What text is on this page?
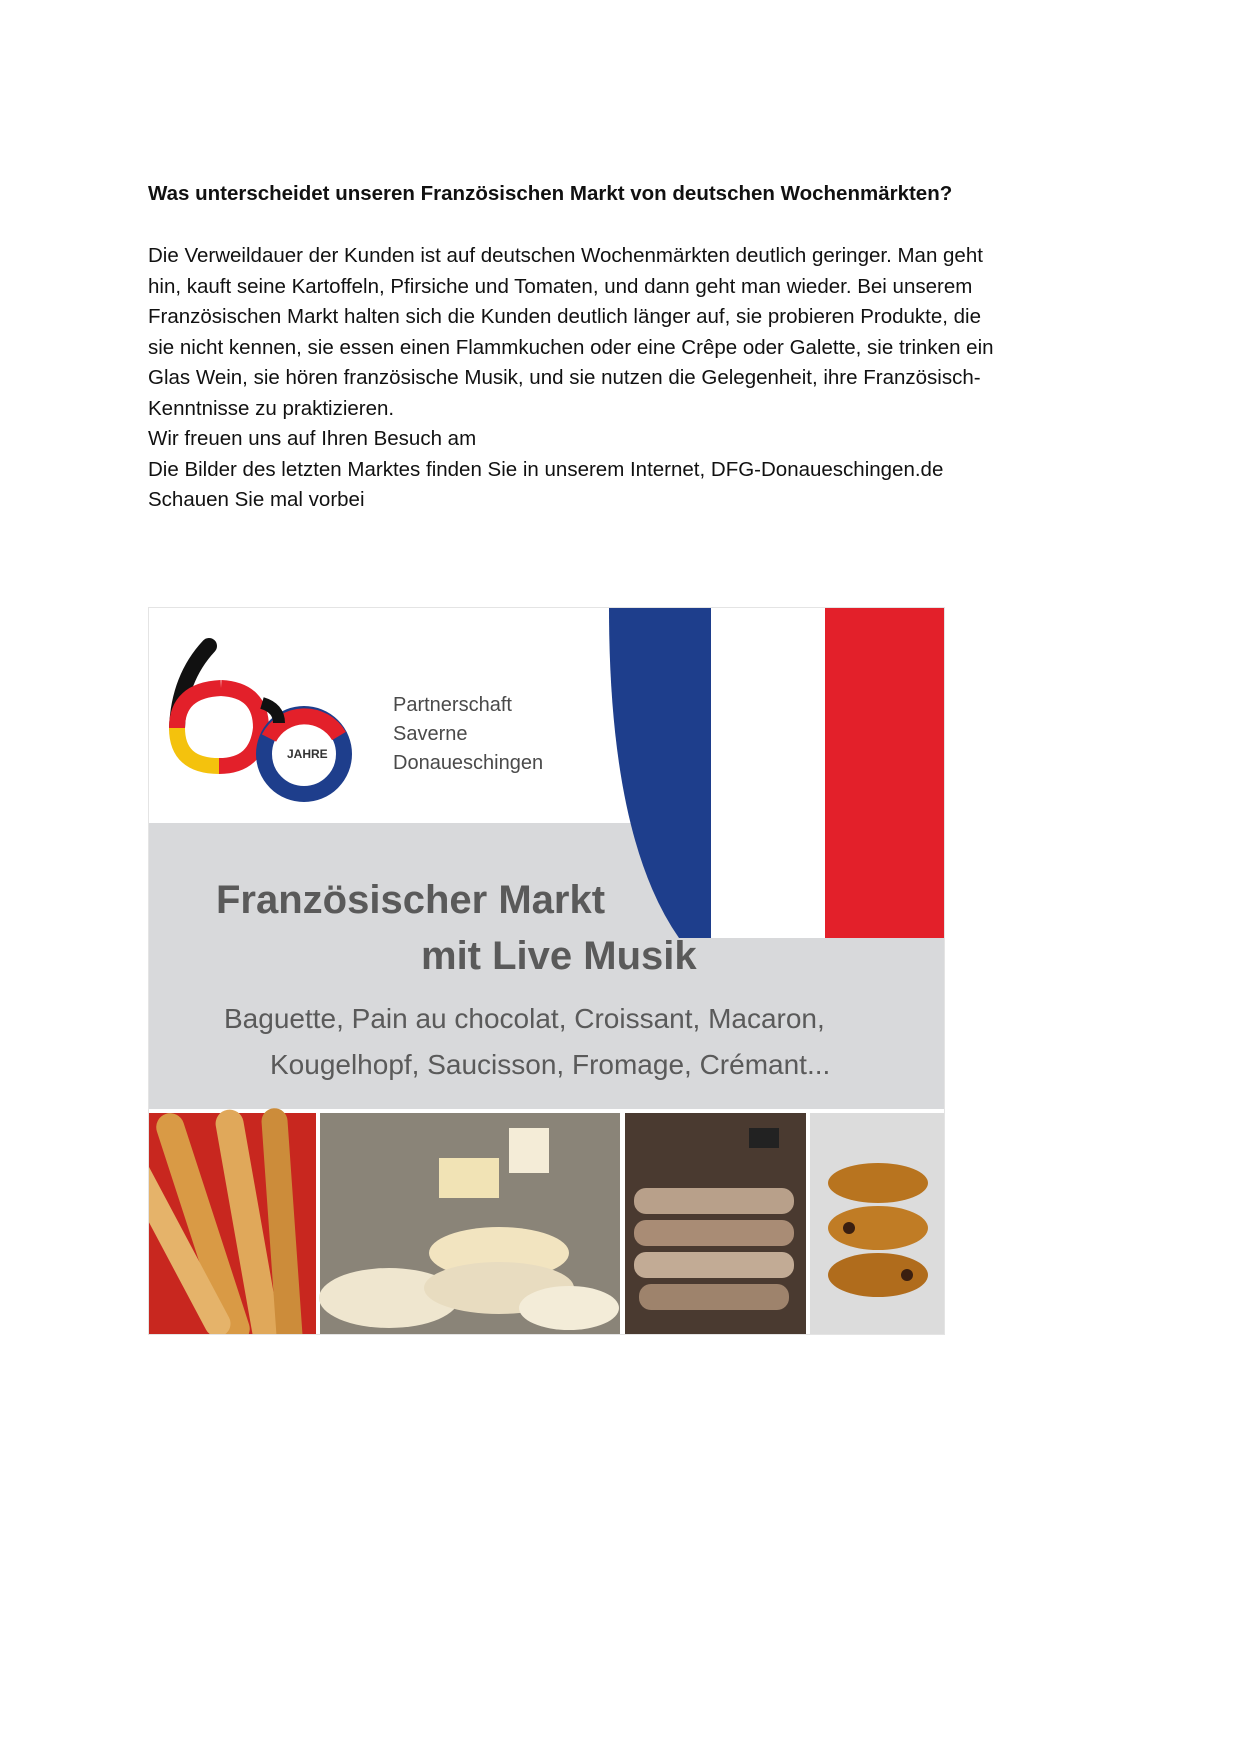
Was unterscheidet unseren Französischen Markt von deutschen Wochenmärkten?

Die Verweildauer der Kunden ist auf deutschen Wochenmärkten deutlich geringer. Man geht

hin, kauft seine Kartoffeln, Pfirsiche und Tomaten, und dann geht man wieder. Bei unserem

Französischen Markt halten sich die Kunden deutlich länger auf, sie probieren Produkte, die

sie nicht kennen, sie essen einen Flammkuchen oder eine Crêpe oder Galette, sie trinken ein

Glas Wein, sie hören französische Musik, und sie nutzen die Gelegenheit, ihre Französisch-

Kenntnisse zu praktizieren.

Wir freuen uns auf Ihren Besuch am

Die Bilder des letzten Marktes finden Sie in unserem Internet, DFG-Donaueschingen.de

Schauen Sie mal vorbei

JAHRE
Partnerschaft
Saverne
Donaueschingen
Französischer Markt
mit Live Musik
Baguette, Pain au chocolat, Croissant, Macaron,
Kougelhopf, Saucisson, Fromage, Crémant...
